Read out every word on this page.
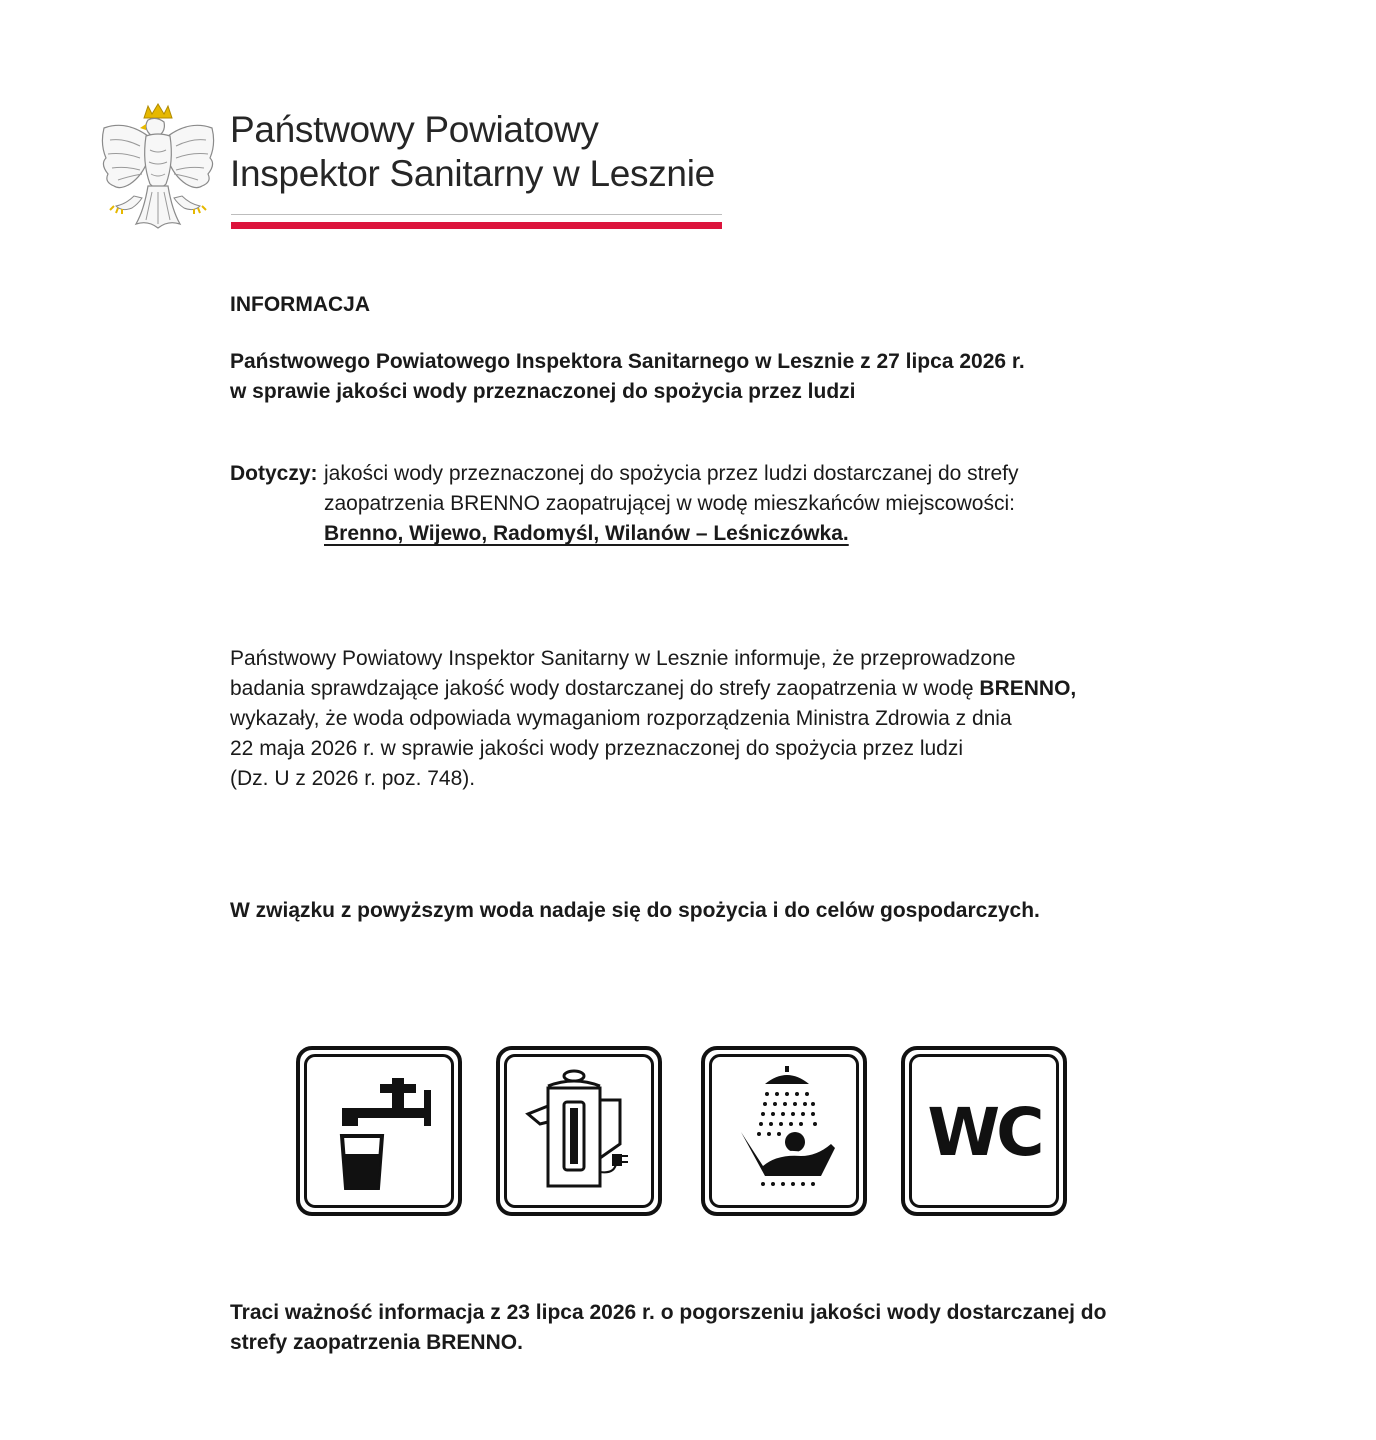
Państwowy Powiatowy
Inspektor Sanitarny w Lesznie
INFORMACJA
Państwowego Powiatowego Inspektora Sanitarnego w Lesznie z 27 lipca 2026 r.
w sprawie jakości wody przeznaczonej do spożycia przez ludzi
Dotyczy: jakości wody przeznaczonej do spożycia przez ludzi dostarczanej do strefy
zaopatrzenia BRENNO zaopatrującej w wodę mieszkańców miejscowości:
Brenno, Wijewo, Radomyśl, Wilanów – Leśniczówka.
Państwowy Powiatowy Inspektor Sanitarny w Lesznie informuje, że przeprowadzone
badania sprawdzające jakość wody dostarczanej do strefy zaopatrzenia w wodę BRENNO,
wykazały, że woda odpowiada wymaganiom rozporządzenia Ministra Zdrowia z dnia
22 maja 2026 r. w sprawie jakości wody przeznaczonej do spożycia przez ludzi
(Dz. U z 2026 r. poz. 748).
W związku z powyższym woda nadaje się do spożycia i do celów gospodarczych.
WC
Traci ważność informacja z 23 lipca 2026 r. o pogorszeniu jakości wody dostarczanej do
strefy zaopatrzenia BRENNO.
